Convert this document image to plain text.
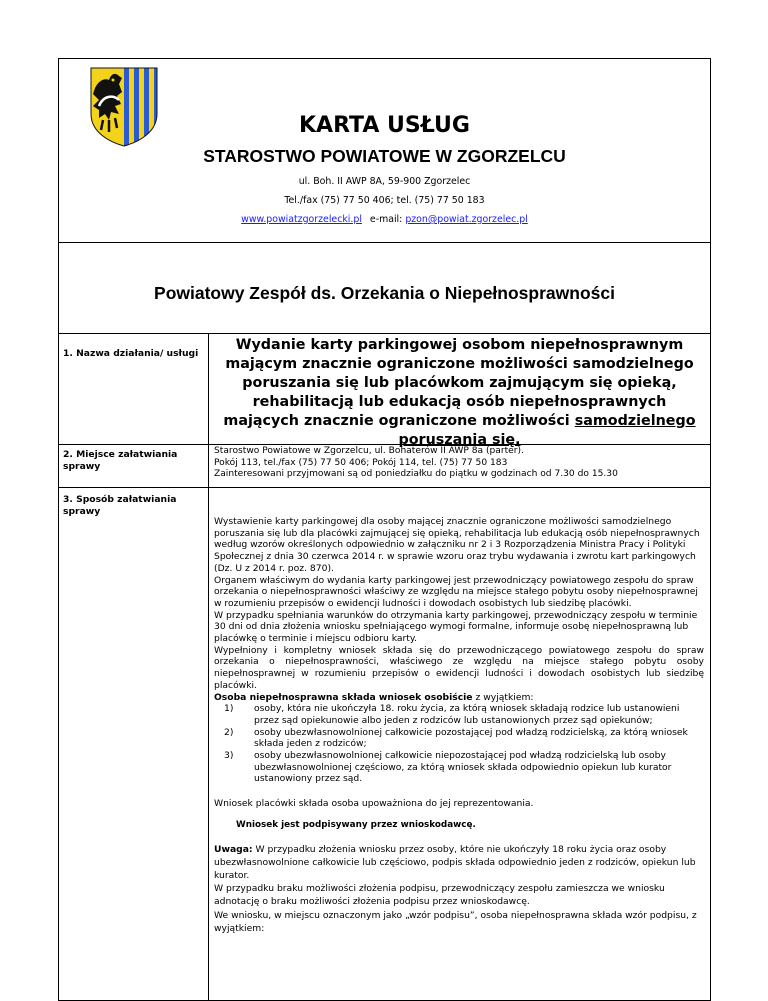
KARTA USŁUG
STAROSTWO POWIATOWE W ZGORZELCU
ul. Boh. II AWP 8A, 59-900 Zgorzelec
Tel./fax (75) 77 50 406; tel. (75) 77 50 183
www.powiatzgorzelecki.pl e-mail: pzon@powiat.zgorzelec.pl
Powiatowy Zespół ds. Orzekania o Niepełnosprawności
1. Nazwa działania/ usługi
Wydanie karty parkingowej osobom niepełnosprawnym mającym znacznie ograniczone możliwości samodzielnego poruszania się lub placówkom zajmującym się opieką, rehabilitacją lub edukacją osób niepełnosprawnych mających znacznie ograniczone możliwości samodzielnego poruszania się.
2. Miejsce załatwiania sprawy
Starostwo Powiatowe w Zgorzelcu, ul. Bohaterów II AWP 8a (parter).
Pokój 113, tel./fax (75) 77 50 406; Pokój 114, tel. (75) 77 50 183
Zainteresowani przyjmowani są od poniedziałku do piątku w godzinach od 7.30 do 15.30
3. Sposób załatwiania sprawy

Wystawienie karty parkingowej dla osoby mającej znacznie ograniczone możliwości samodzielnego poruszania się lub dla placówki zajmującej się opieką, rehabilitacja lub edukacją osób niepełnosprawnych według wzorów określonych odpowiednio w załączniku nr 2 i 3 Rozporządzenia Ministra Pracy i Polityki Społecznej z dnia 30 czerwca 2014 r. w sprawie wzoru oraz trybu wydawania i zwrotu kart parkingowych (Dz. U z 2014 r. poz. 870).

Organem właściwym do wydania karty parkingowej jest przewodniczący powiatowego zespołu do spraw orzekania o niepełnosprawności właściwy ze względu na miejsce stałego pobytu osoby niepełnosprawnej w rozumieniu przepisów o ewidencji ludności i dowodach osobistych lub siedzibę placówki.

W przypadku spełniania warunków do otrzymania karty parkingowej, przewodniczący zespołu w terminie 30 dni od dnia złożenia wniosku spełniającego wymogi formalne, informuje osobę niepełnosprawną lub placówkę o terminie i miejscu odbioru karty.

Wypełniony i kompletny wniosek składa się do przewodniczącego powiatowego zespołu do spraw orzekania o niepełnosprawności, właściwego ze względu na miejsce stałego pobytu osoby niepełnosprawnej w rozumieniu przepisów o ewidencji ludności i dowodach osobistych lub siedzibę placówki.

Osoba niepełnosprawna składa wniosek osobiście z wyjątkiem:

1) osoby, która nie ukończyła 18. roku życia, za którą wniosek składają rodzice lub ustanowieni przez sąd opiekunowie albo jeden z rodziców lub ustanowionych przez sąd opiekunów;
2) osoby ubezwłasnowolnionej całkowicie pozostającej pod władzą rodzicielską, za którą wniosek składa jeden z rodziców;
3) osoby ubezwłasnowolnionej całkowicie niepozostającej pod władzą rodzicielską lub osoby ubezwłasnowolnionej częściowo, za którą wniosek składa odpowiednio opiekun lub kurator ustanowiony przez sąd.

Wniosek placówki składa osoba upoważniona do jej reprezentowania.

Wniosek jest podpisywany przez wnioskodawcę.

Uwaga: W przypadku złożenia wniosku przez osoby, które nie ukończyły 18 roku życia oraz osoby ubezwłasnowolnione całkowicie lub częściowo, podpis składa odpowiednio jeden z rodziców, opiekun lub kurator.

W przypadku braku możliwości złożenia podpisu, przewodniczący zespołu zamieszcza we wniosku adnotację o braku możliwości złożenia podpisu przez wnioskodawcę.

We wniosku, w miejscu oznaczonym jako „wzór podpisu”, osoba niepełnosprawna składa wzór podpisu, z wyjątkiem:
